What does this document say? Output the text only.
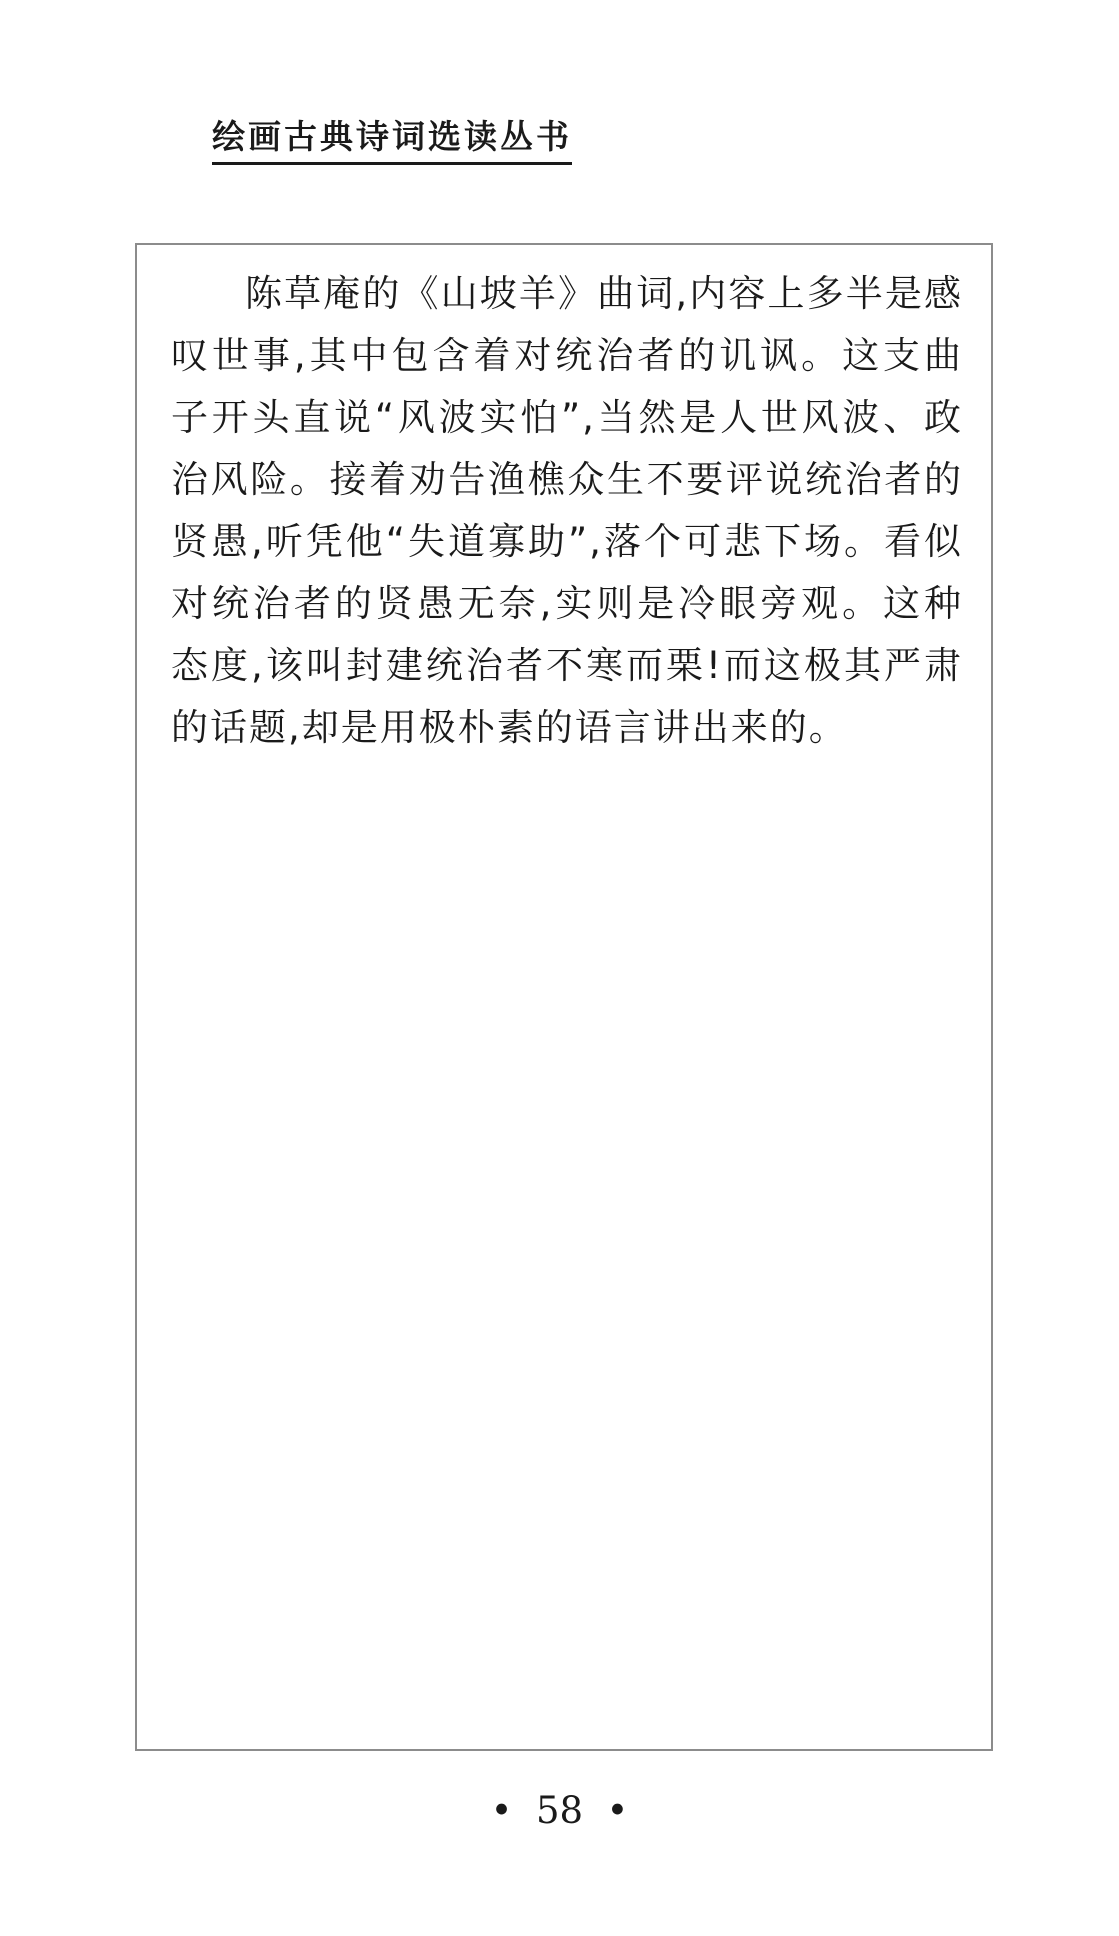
绘画古典诗词选读丛书

陈草庵的《山坡羊》曲词,内容上多半是感叹世事,其中包含着对统治者的讥讽。这支曲子开头直说“风波实怕”,当然是人世风波、政治风险。接着劝告渔樵众生不要评说统治者的贤愚,听凭他“失道寡助”,落个可悲下场。看似对统治者的贤愚无奈,实则是冷眼旁观。这种态度,该叫封建统治者不寒而栗!而这极其严肃的话题,却是用极朴素的语言讲出来的。

•  58  •
